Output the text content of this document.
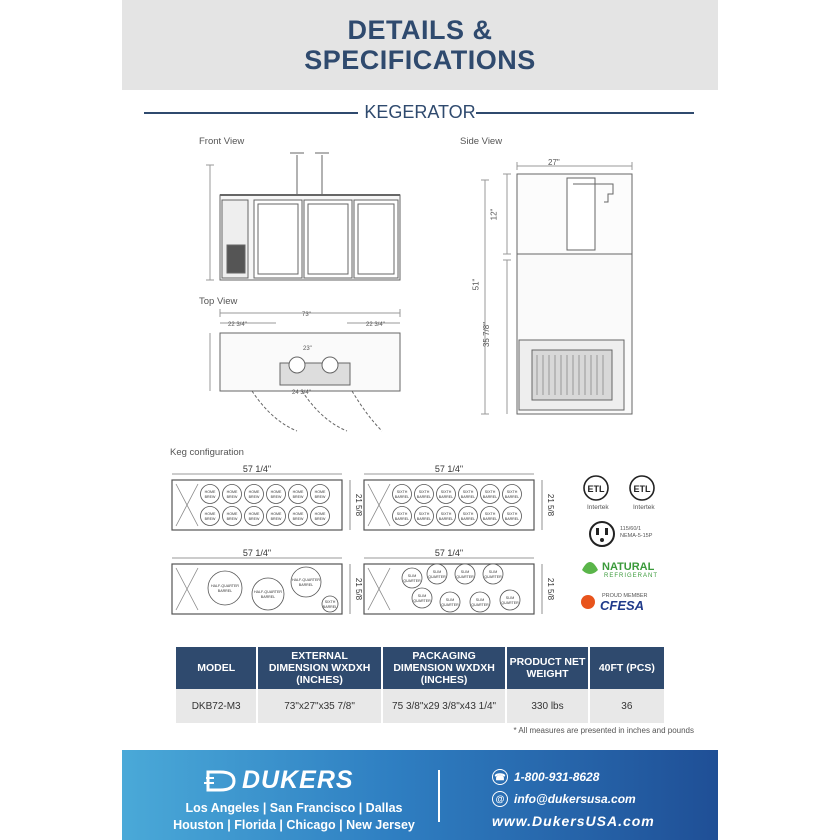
DETAILS &
SPECIFICATIONS
KEGERATOR
Front View
Top View
73"
22 3/4"	22 3/4"
23"
24 3/4"
Side View
27"
12"
51"
35 7/8"
Keg configuration
57 1/4"
21 5/8
HOME
BREW
HOME
BREW
HOME
BREW
HOME
BREW
HOME
BREW
HOME
BREW
HOME
BREW
HOME
BREW
HOME
BREW
HOME
BREW
HOME
BREW
HOME
BREW
57 1/4"
21 5/8
SIXTH
BARREL
SIXTH
BARREL
SIXTH
BARREL
SIXTH
BARREL
SIXTH
BARREL
SIXTH
BARREL
SIXTH
BARREL
SIXTH
BARREL
SIXTH
BARREL
SIXTH
BARREL
SIXTH
BARREL
SIXTH
BARREL
57 1/4"
21 5/8
HALF-QUARTER
BARREL	HALF-QUARTER
BARREL
HALF-QUARTER
BARREL
SIXTH
BARREL
57 1/4"
21 5/8
SLIM
QUARTER
SLIM
QUARTER
SLIM
QUARTER
SLIM
QUARTER
SLIM
QUARTER	SLIM
QUARTER
SLIM
QUARTER
SLIM
QUARTER
ETL	ETL
Intertek	Intertek
115/60/1 NEMA-5-15P
NATURAL
REFRIGERANT
PROUD MEMBER
CFESA
MODEL	EXTERNAL DIMENSION WXDXH (INCHES)	PACKAGING DIMENSION WXDXH (INCHES)	PRODUCT NET WEIGHT	40FT (PCS)
DKB72-M3	73"x27"x35 7/8"	75 3/8"x29 3/8"x43 1/4"	330 lbs	36
* All measures are presented in inches and pounds
DUKERS
Los Angeles | San Francisco | Dallas
Houston | Florida | Chicago | New Jersey
☎ 1-800-931-8628
@ info@dukersusa.com
www.DukersUSA.com
